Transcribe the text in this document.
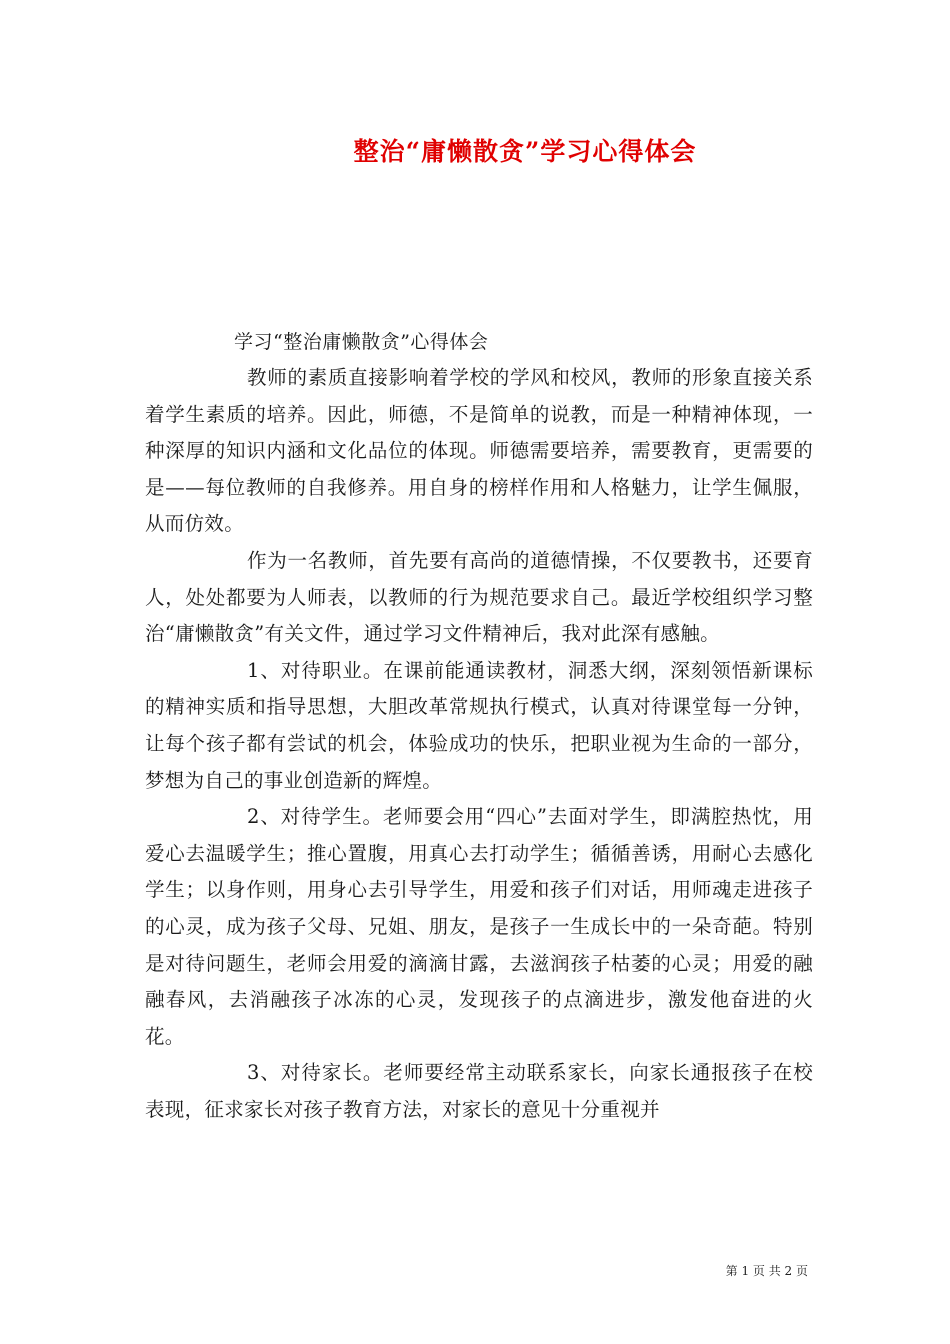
整治“庸懒散贪”学习心得体会

学习“整治庸懒散贪”心得体会

教师的素质直接影响着学校的学风和校风，教师的形象直接关系着学生素质的培养。因此，师德，不是简单的说教，而是一种精神体现，一种深厚的知识内涵和文化品位的体现。师德需要培养，需要教育，更需要的是——每位教师的自我修养。用自身的榜样作用和人格魅力，让学生佩服，从而仿效。

作为一名教师，首先要有高尚的道德情操，不仅要教书，还要育人，处处都要为人师表，以教师的行为规范要求自己。最近学校组织学习整治“庸懒散贪”有关文件，通过学习文件精神后，我对此深有感触。

1、对待职业。在课前能通读教材，洞悉大纲，深刻领悟新课标的精神实质和指导思想，大胆改革常规执行模式，认真对待课堂每一分钟，让每个孩子都有尝试的机会，体验成功的快乐，把职业视为生命的一部分，梦想为自己的事业创造新的辉煌。

2、对待学生。老师要会用“四心”去面对学生，即满腔热忱，用爱心去温暖学生；推心置腹，用真心去打动学生；循循善诱，用耐心去感化学生；以身作则，用身心去引导学生，用爱和孩子们对话，用师魂走进孩子的心灵，成为孩子父母、兄姐、朋友，是孩子一生成长中的一朵奇葩。特别是对待问题生，老师会用爱的滴滴甘露，去滋润孩子枯萎的心灵；用爱的融融春风，去消融孩子冰冻的心灵，发现孩子的点滴进步，激发他奋进的火花。

3、对待家长。老师要经常主动联系家长，向家长通报孩子在校表现，征求家长对孩子教育方法，对家长的意见十分重视并

第 1 页 共 2 页
